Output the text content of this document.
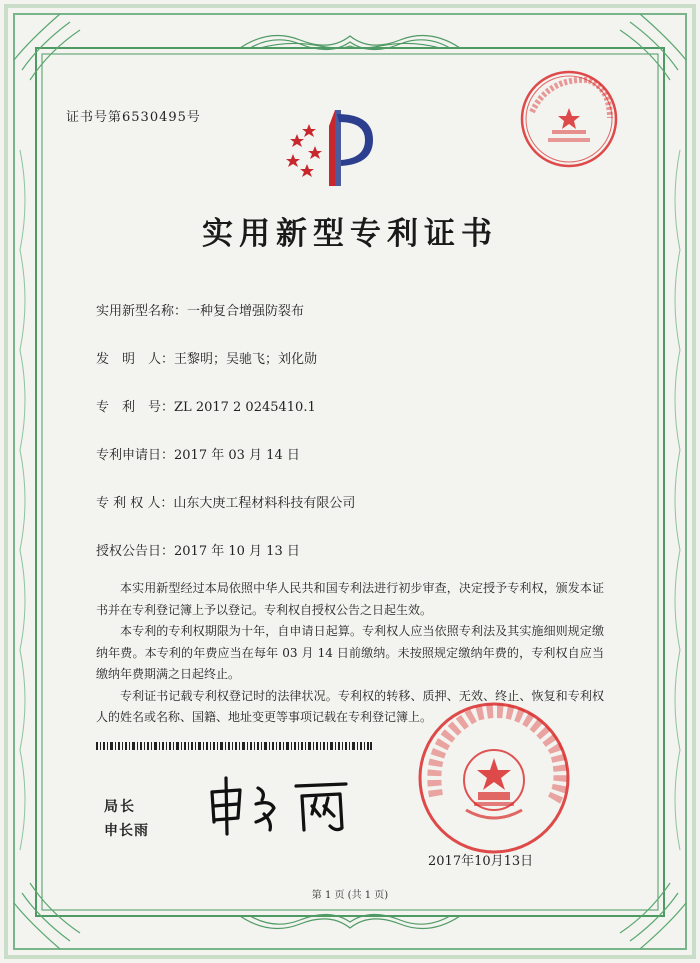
证书号第6530495号
实用新型专利证书
实用新型名称：一种复合增强防裂布
发　明　人：王黎明；吴驰飞；刘化勋
专　利　号：ZL 2017 2 0245410.1
专利申请日：2017 年 03 月 14 日
专 利 权 人：山东大庚工程材料科技有限公司
授权公告日：2017 年 10 月 13 日

本实用新型经过本局依照中华人民共和国专利法进行初步审查，决定授予专利权，颁发本证书并在专利登记簿上予以登记。专利权自授权公告之日起生效。

本专利的专利权期限为十年，自申请日起算。专利权人应当依照专利法及其实施细则规定缴纳年费。本专利的年费应当在每年 03 月 14 日前缴纳。未按照规定缴纳年费的，专利权自应当缴纳年费期满之日起终止。

专利证书记载专利权登记时的法律状况。专利权的转移、质押、无效、终止、恢复和专利权人的姓名或名称、国籍、地址变更等事项记载在专利登记簿上。

局长
申长雨
2017年10月13日
第 1 页 (共 1 页)
